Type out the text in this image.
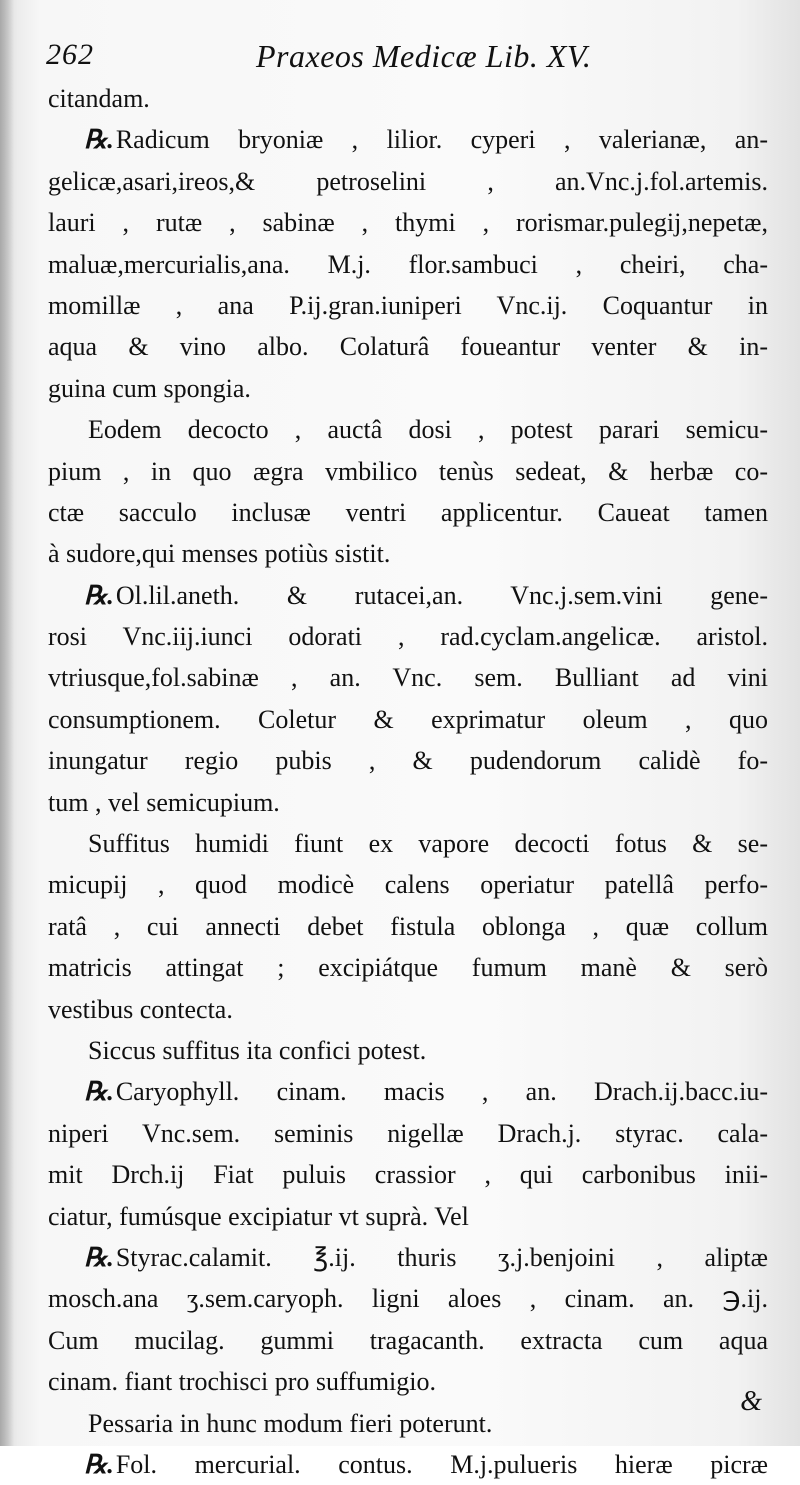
262	Praxeos Medicæ Lib. XV.
citandam.
℞.Radicum bryoniæ , lilior. cyperi , valerianæ, an-
gelicæ,asari,ireos,& petroselini , an.Vnc.j.fol.artemis.
lauri , rutæ , sabinæ , thymi , rorismar.pulegij,nepetæ,
maluæ,mercurialis,ana. M.j. flor.sambuci , cheiri, cha-
momillæ , ana P.ij.gran.iuniperi Vnc.ij. Coquantur in
aqua & vino albo. Colaturâ foueantur venter & in-
guina cum spongia.
Eodem decocto , auctâ dosi , potest parari semicu-
pium , in quo ægra vmbilico tenùs sedeat, & herbæ co-
ctæ sacculo inclusæ ventri applicentur. Caueat tamen
à sudore,qui menses potiùs sistit.
℞.Ol.lil.aneth. & rutacei,an. Vnc.j.sem.vini gene-
rosi Vnc.iij.iunci odorati , rad.cyclam.angelicæ. aristol.
vtriusque,fol.sabinæ , an. Vnc. sem. Bulliant ad vini
consumptionem. Coletur & exprimatur oleum , quo
inungatur regio pubis , & pudendorum calidè fo-
tum , vel semicupium.
Suffitus humidi fiunt ex vapore decocti fotus & se-
micupij , quod modicè calens operiatur patellâ perfo-
ratâ , cui annecti debet fistula oblonga , quæ collum
matricis attingat ; excipiátque fumum manè & serò
vestibus contecta.
Siccus suffitus ita confici potest.
℞.Caryophyll. cinam. macis , an. Drach.ij.bacc.iu-
niperi Vnc.sem. seminis nigellæ Drach.j. styrac. cala-
mit Drch.ij Fiat puluis crassior , qui carbonibus inii-
ciatur, fumúsque excipiatur vt suprà. Vel
℞.Styrac.calamit. ℥.ij. thuris ʒ.j.benjoini , aliptæ
mosch.ana ʒ.sem.caryoph. ligni aloes , cinam. an. ℈.ij.
Cum mucilag. gummi tragacanth. extracta cum aqua
cinam. fiant trochisci pro suffumigio.
Pessaria in hunc modum fieri poterunt.
℞.Fol. mercurial. contus. M.j.pulueris hieræ picræ
&
